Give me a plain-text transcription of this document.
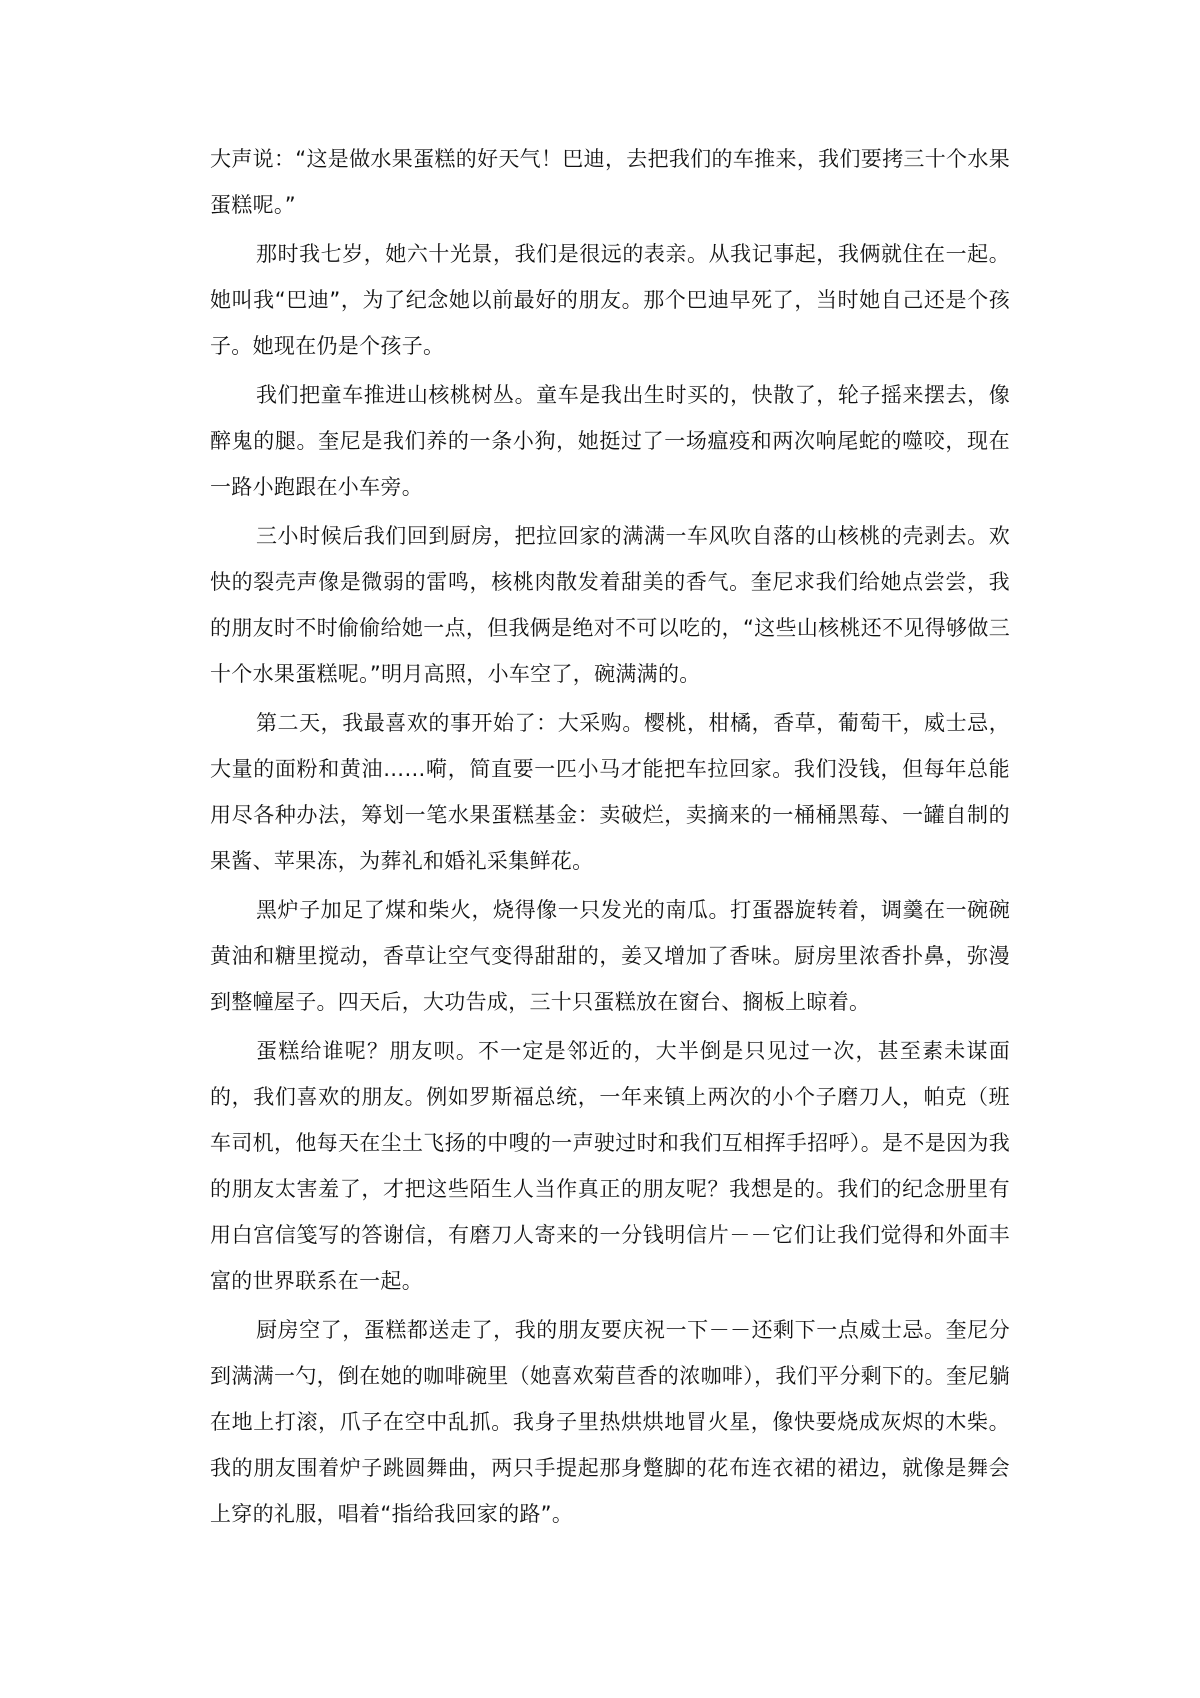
大声说：“这是做水果蛋糕的好天气！巴迪，去把我们的车推来，我们要拷三十个水果蛋糕呢。”

那时我七岁，她六十光景，我们是很远的表亲。从我记事起，我俩就住在一起。她叫我“巴迪”，为了纪念她以前最好的朋友。那个巴迪早死了，当时她自己还是个孩子。她现在仍是个孩子。

我们把童车推进山核桃树丛。童车是我出生时买的，快散了，轮子摇来摆去，像醉鬼的腿。奎尼是我们养的一条小狗，她挺过了一场瘟疫和两次响尾蛇的噬咬，现在一路小跑跟在小车旁。

三小时候后我们回到厨房，把拉回家的满满一车风吹自落的山核桃的壳剥去。欢快的裂壳声像是微弱的雷鸣，核桃肉散发着甜美的香气。奎尼求我们给她点尝尝，我的朋友时不时偷偷给她一点，但我俩是绝对不可以吃的，“这些山核桃还不见得够做三十个水果蛋糕呢。”明月高照，小车空了，碗满满的。

第二天，我最喜欢的事开始了：大采购。樱桃，柑橘，香草，葡萄干，威士忌，大量的面粉和黄油……嗬，简直要一匹小马才能把车拉回家。我们没钱，但每年总能用尽各种办法，筹划一笔水果蛋糕基金：卖破烂，卖摘来的一桶桶黑莓、一罐自制的果酱、苹果冻，为葬礼和婚礼采集鲜花。

黑炉子加足了煤和柴火，烧得像一只发光的南瓜。打蛋器旋转着，调羹在一碗碗黄油和糖里搅动，香草让空气变得甜甜的，姜又增加了香味。厨房里浓香扑鼻，弥漫到整幢屋子。四天后，大功告成，三十只蛋糕放在窗台、搁板上晾着。

蛋糕给谁呢？朋友呗。不一定是邻近的，大半倒是只见过一次，甚至素未谋面的，我们喜欢的朋友。例如罗斯福总统，一年来镇上两次的小个子磨刀人，帕克（班车司机，他每天在尘土飞扬的中嗖的一声驶过时和我们互相挥手招呼）。是不是因为我的朋友太害羞了，才把这些陌生人当作真正的朋友呢？我想是的。我们的纪念册里有用白宫信笺写的答谢信，有磨刀人寄来的一分钱明信片－－它们让我们觉得和外面丰富的世界联系在一起。

厨房空了，蛋糕都送走了，我的朋友要庆祝一下－－还剩下一点威士忌。奎尼分到满满一勺，倒在她的咖啡碗里（她喜欢菊苣香的浓咖啡），我们平分剩下的。奎尼躺在地上打滚，爪子在空中乱抓。我身子里热烘烘地冒火星，像快要烧成灰烬的木柴。我的朋友围着炉子跳圆舞曲，两只手提起那身蹩脚的花布连衣裙的裙边，就像是舞会上穿的礼服，唱着“指给我回家的路”。
